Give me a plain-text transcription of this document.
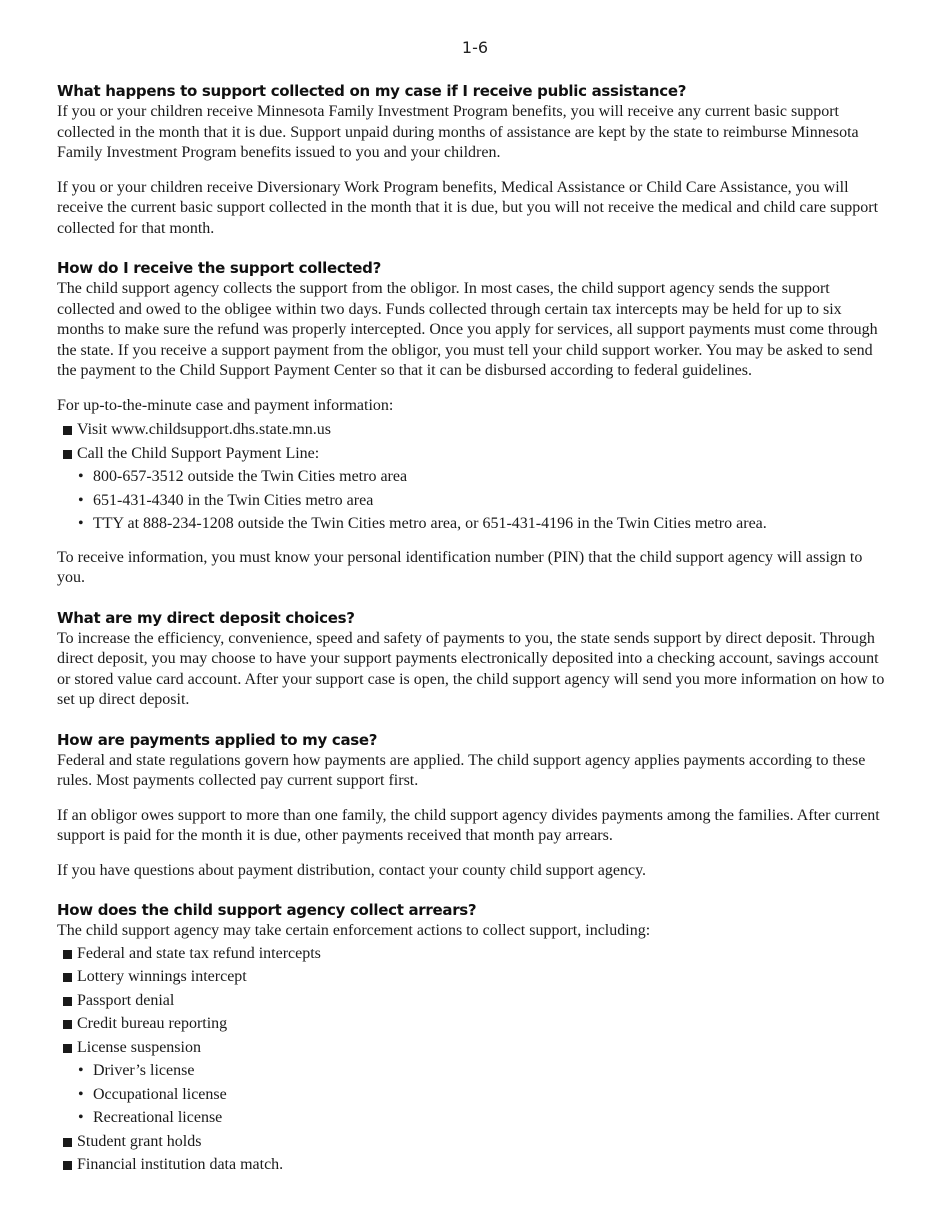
1-6
What happens to support collected on my case if I receive public assistance?

If you or your children receive Minnesota Family Investment Program benefits, you will receive any current basic support collected in the month that it is due. Support unpaid during months of assistance are kept by the state to reimburse Minnesota Family Investment Program benefits issued to you and your children.

If you or your children receive Diversionary Work Program benefits, Medical Assistance or Child Care Assistance, you will receive the current basic support collected in the month that it is due, but you will not receive the medical and child care support collected for that month.

How do I receive the support collected?

The child support agency collects the support from the obligor. In most cases, the child support agency sends the support collected and owed to the obligee within two days. Funds collected through certain tax intercepts may be held for up to six months to make sure the refund was properly intercepted. Once you apply for services, all support payments must come through the state. If you receive a support payment from the obligor, you must tell your child support worker. You may be asked to send the payment to the Child Support Payment Center so that it can be disbursed according to federal guidelines.

For up-to-the-minute case and payment information:

Visit www.childsupport.dhs.state.mn.us
Call the Child Support Payment Line:
• 800-657-3512 outside the Twin Cities metro area
• 651-431-4340 in the Twin Cities metro area
• TTY at 888-234-1208 outside the Twin Cities metro area, or 651-431-4196 in the Twin Cities metro area.

To receive information, you must know your personal identification number (PIN) that the child support agency will assign to you.

What are my direct deposit choices?

To increase the efficiency, convenience, speed and safety of payments to you, the state sends support by direct deposit. Through direct deposit, you may choose to have your support payments electronically deposited into a checking account, savings account or stored value card account. After your support case is open, the child support agency will send you more information on how to set up direct deposit.

How are payments applied to my case?

Federal and state regulations govern how payments are applied. The child support agency applies payments according to these rules. Most payments collected pay current support first.

If an obligor owes support to more than one family, the child support agency divides payments among the families. After current support is paid for the month it is due, other payments received that month pay arrears.

If you have questions about payment distribution, contact your county child support agency.

How does the child support agency collect arrears?

The child support agency may take certain enforcement actions to collect support, including:

Federal and state tax refund intercepts
Lottery winnings intercept
Passport denial
Credit bureau reporting
License suspension
• Driver’s license
• Occupational license
• Recreational license
Student grant holds
Financial institution data match.
